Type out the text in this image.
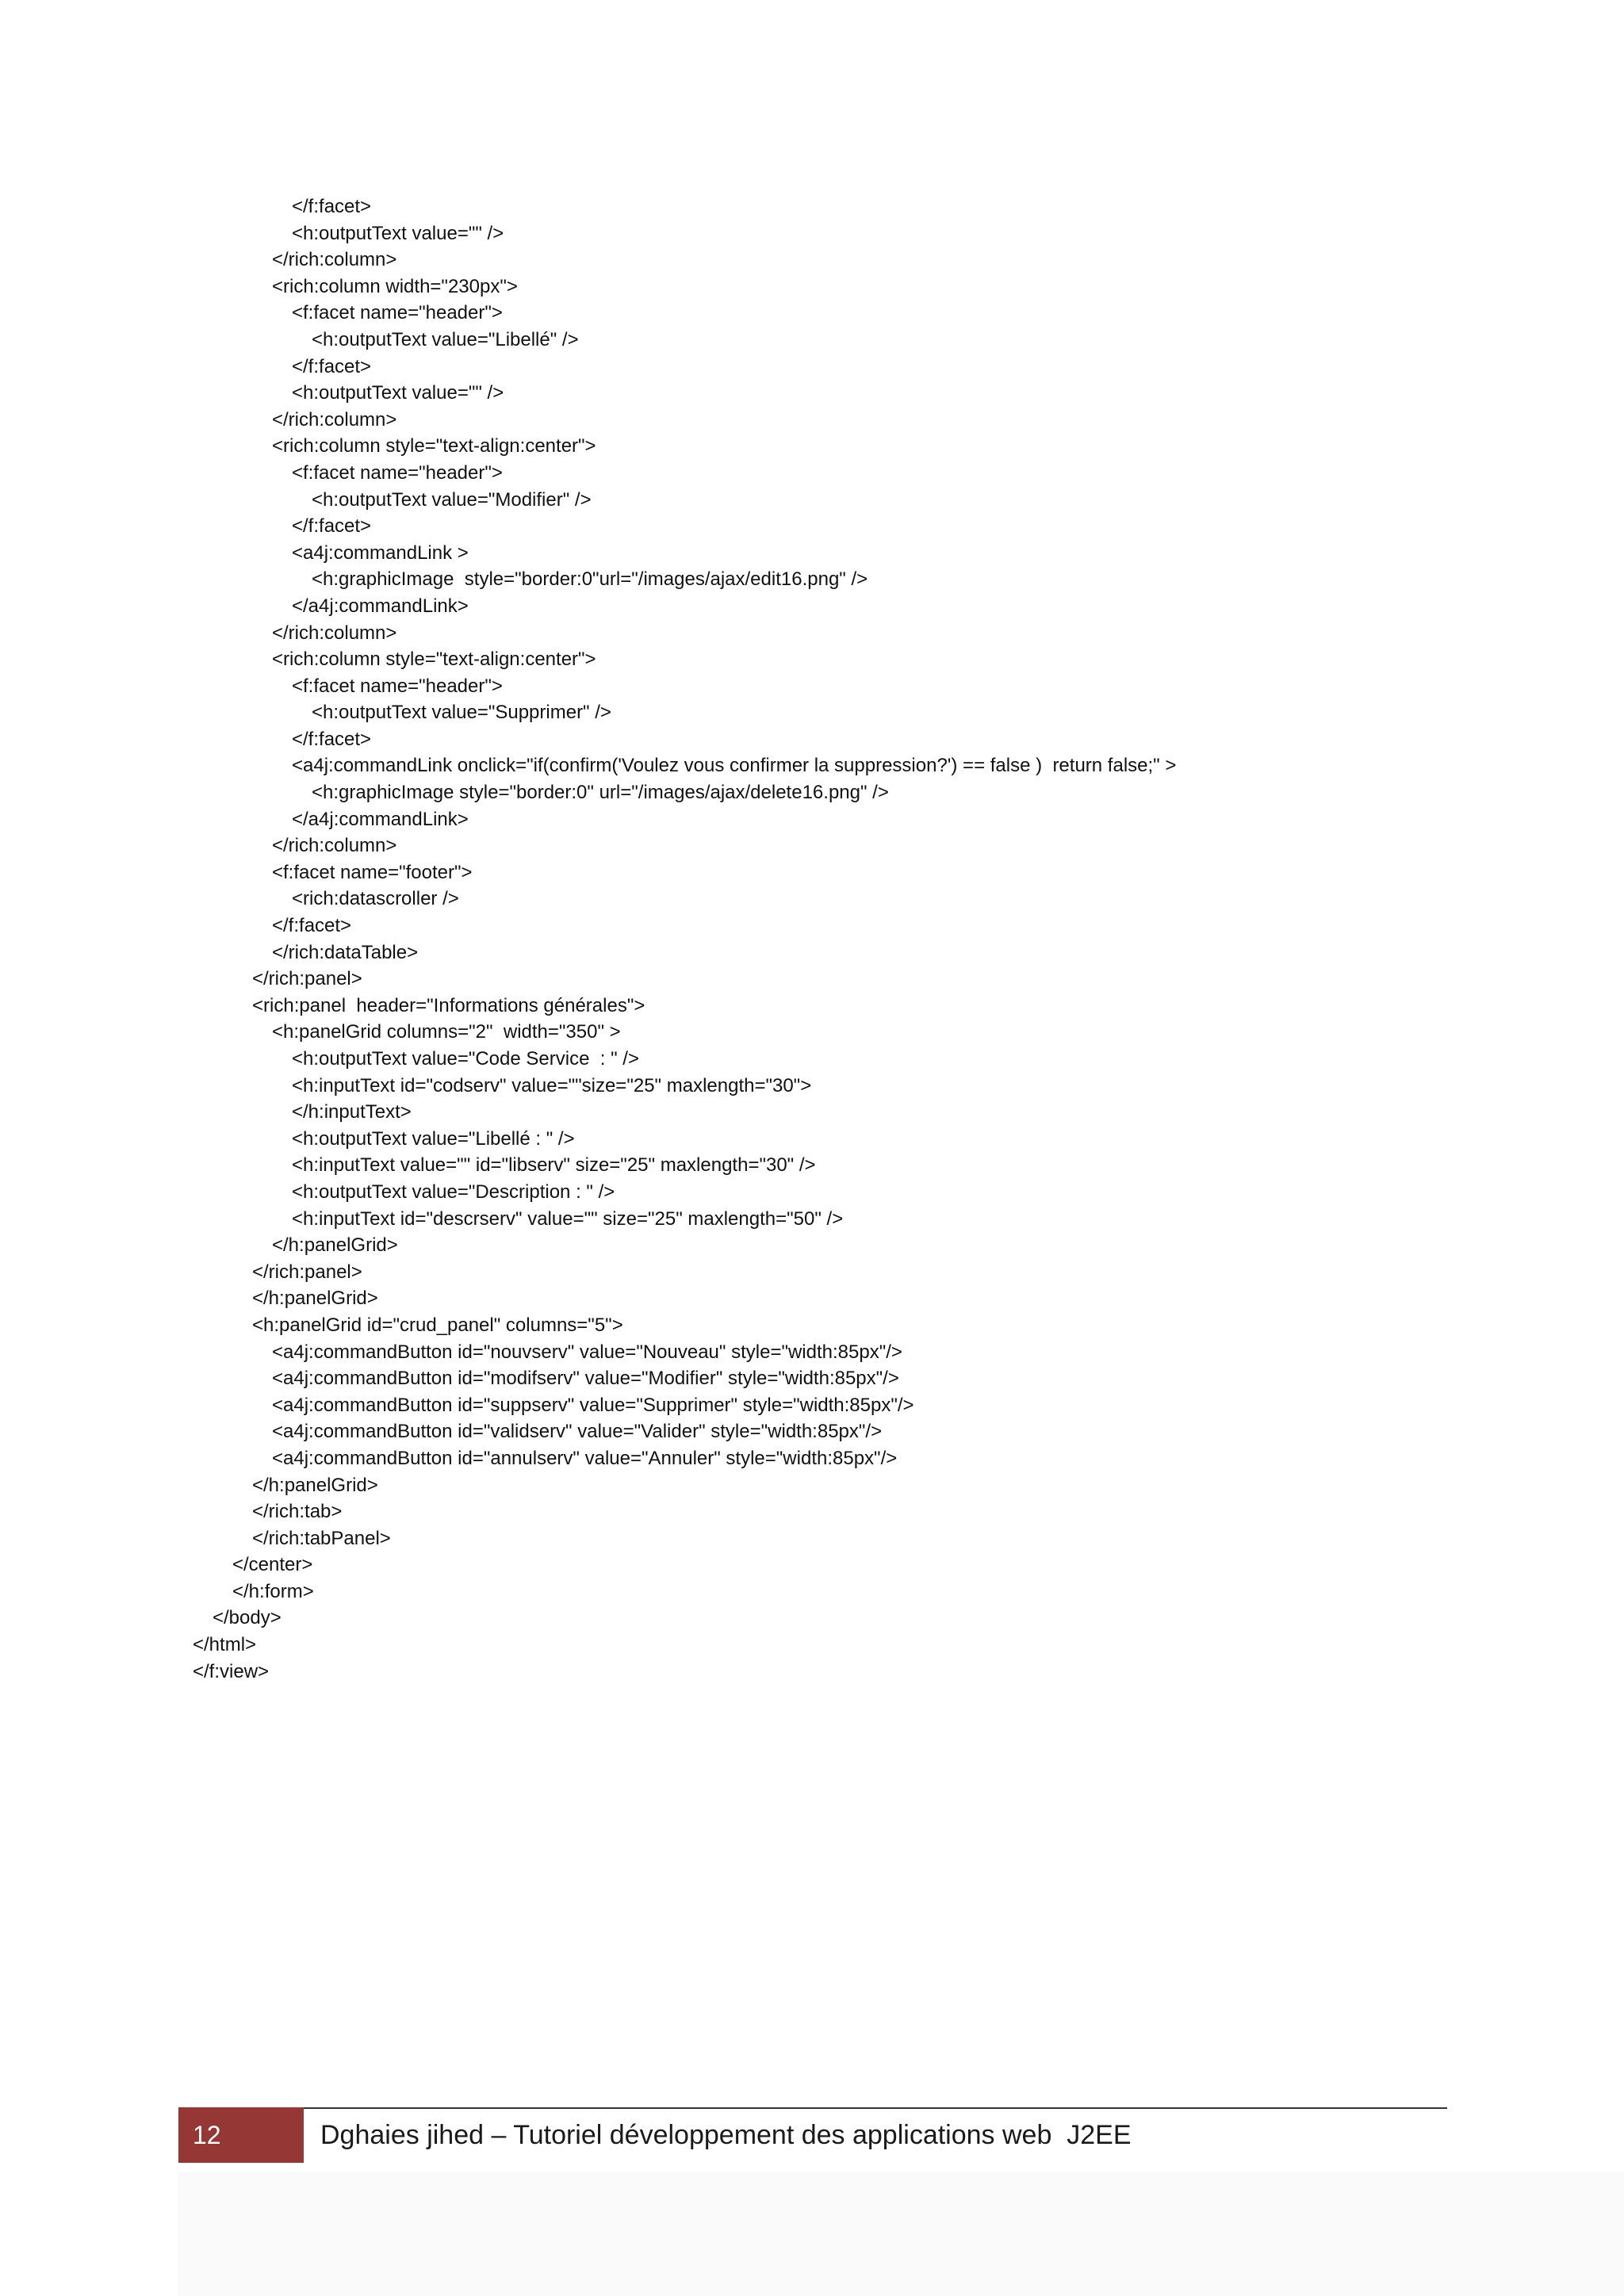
</f:facet>
<h:outputText value="" />
</rich:column>
<rich:column width="230px">
<f:facet name="header">
<h:outputText value="Libellé" />
</f:facet>
<h:outputText value="" />
</rich:column>
<rich:column style="text-align:center">
<f:facet name="header">
<h:outputText value="Modifier" />
</f:facet>
<a4j:commandLink >
<h:graphicImage  style="border:0"url="/images/ajax/edit16.png" />
</a4j:commandLink>
</rich:column>
<rich:column style="text-align:center">
<f:facet name="header">
<h:outputText value="Supprimer" />
</f:facet>
<a4j:commandLink onclick="if(confirm('Voulez vous confirmer la suppression?') == false )  return false;" >
<h:graphicImage style="border:0" url="/images/ajax/delete16.png" />
</a4j:commandLink>
</rich:column>
<f:facet name="footer">
<rich:datascroller />
</f:facet>
</rich:dataTable>
</rich:panel>
<rich:panel  header="Informations générales">
<h:panelGrid columns="2"  width="350" >
<h:outputText value="Code Service  : " />
<h:inputText id="codserv" value=""size="25" maxlength="30">
</h:inputText>
<h:outputText value="Libellé : " />
<h:inputText value="" id="libserv" size="25" maxlength="30" />
<h:outputText value="Description : " />
<h:inputText id="descrserv" value="" size="25" maxlength="50" />
</h:panelGrid>
</rich:panel>
</h:panelGrid>
<h:panelGrid id="crud_panel" columns="5">
<a4j:commandButton id="nouvserv" value="Nouveau" style="width:85px"/>
<a4j:commandButton id="modifserv" value="Modifier" style="width:85px"/>
<a4j:commandButton id="suppserv" value="Supprimer" style="width:85px"/>
<a4j:commandButton id="validserv" value="Valider" style="width:85px"/>
<a4j:commandButton id="annulserv" value="Annuler" style="width:85px"/>
</h:panelGrid>
</rich:tab>
</rich:tabPanel>
</center>
</h:form>
</body>
</html>
</f:view>
12	Dghaies jihed – Tutoriel développement des applications web  J2EE
